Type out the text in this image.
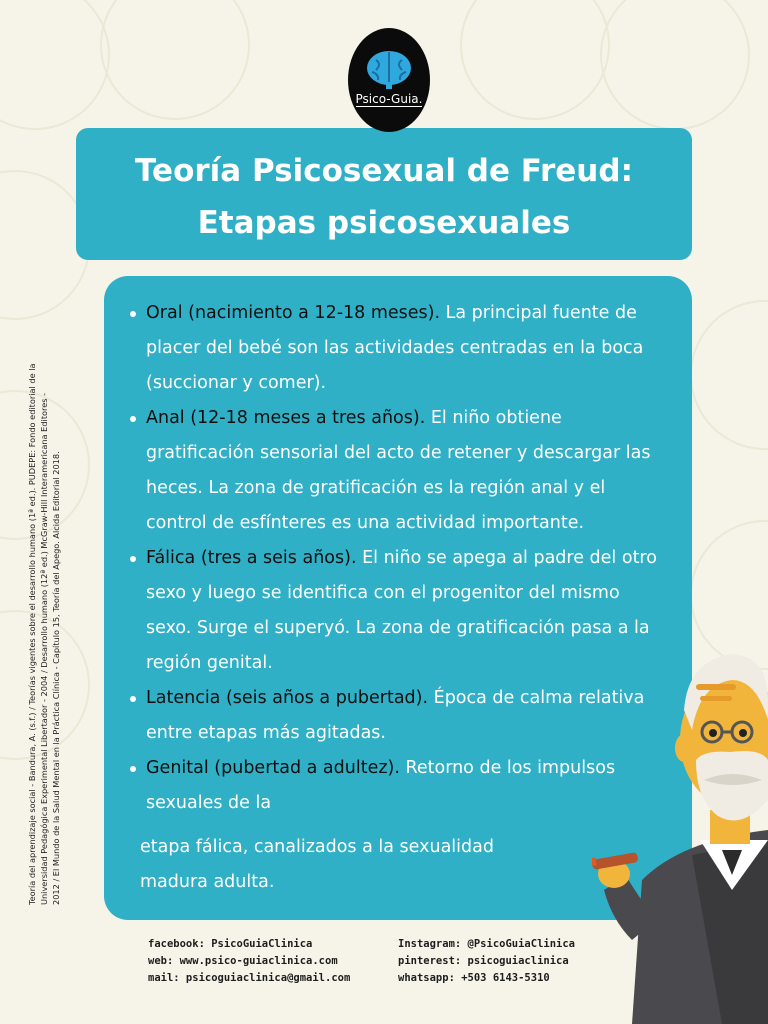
Psico-Guia.
Teoría Psicosexual de Freud: Etapas psicosexuales
Teoría del aprendizaje social - Bandura, A. (s.f.) / Teorías vigentes sobre el desarrollo humano (1ª ed.). PUDEPE: Fondo editorial de la Universidad Pedagógica Experimental Libertador - 2004 / Desarrollo humano (12ª ed.) McGraw-Hill Interamericana Editores - 2012 / El Mundo de la Salud Mental en la Práctica Clínica - Capítulo 15, Teoría del Apego. Alcida Editorial 2018.
Oral (nacimiento a 12-18 meses). La principal fuente de placer del bebé son las actividades centradas en la boca (succionar y comer).
Anal (12-18 meses a tres años). El niño obtiene gratificación sensorial del acto de retener y descargar las heces. La zona de gratificación es la región anal y el control de esfínteres es una actividad importante.
Fálica (tres a seis años). El niño se apega al padre del otro sexo y luego se identifica con el progenitor del mismo sexo. Surge el superyó. La zona de gratificación pasa a la región genital.
Latencia (seis años a pubertad). Época de calma relativa entre etapas más agitadas.
Genital (pubertad a adultez). Retorno de los impulsos sexuales de la
etapa fálica, canalizados a la sexualidad
madura adulta.
facebook: PsicoGuiaClinica
web: www.psico-guiaclinica.com
mail: psicoguiaclinica@gmail.com
Instagram: @PsicoGuiaClinica
pinterest: psicoguiaclinica
whatsapp: +503 6143-5310
